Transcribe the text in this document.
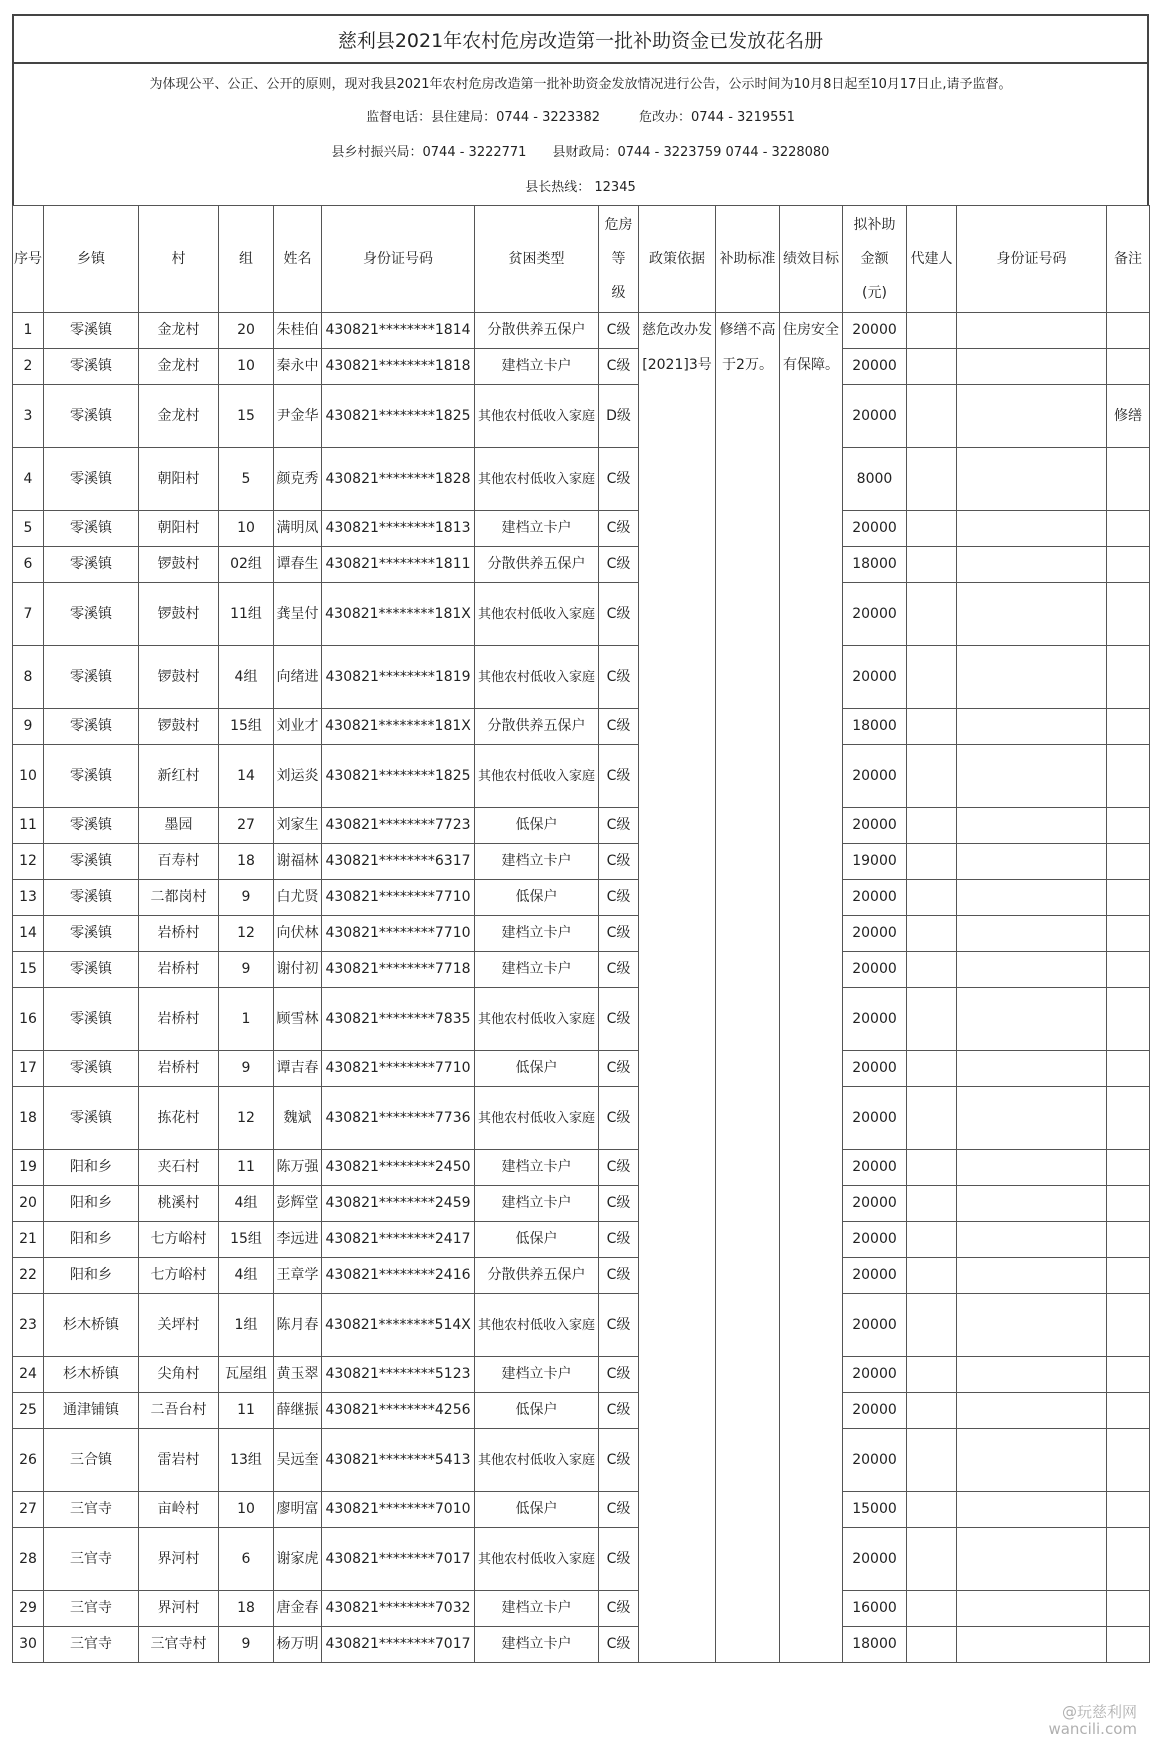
慈利县2021年农村危房改造第一批补助资金已发放花名册
为体现公平、公正、公开的原则，现对我县2021年农村危房改造第一批补助资金发放情况进行公告，公示时间为10月8日起至10月17日止,请予监督。
监督电话：县住建局：0744 - 3223382　　　危改办：0744 - 3219551
县乡村振兴局：0744 - 3222771　　县财政局：0744 - 3223759 0744 - 3228080
县长热线： 12345
序号	乡镇	村	组	姓名	身份证号码	贫困类型	危房
等
级	政策依据	补助标准	绩效目标	拟补助
金额
(元)	代建人	身份证号码	备注
1	零溪镇	金龙村	20	朱桂伯	430821********1814	分散供养五保户	C级	慈危改办发[2021]3号	修缮不高于2万。	住房安全有保障。	20000			
2	零溪镇	金龙村	10	秦永中	430821********1818	建档立卡户	C级				20000			
3	零溪镇	金龙村	15	尹金华	430821********1825	其他农村低收入家庭	D级				20000			修缮
4	零溪镇	朝阳村	5	颜克秀	430821********1828	其他农村低收入家庭	C级				8000			
5	零溪镇	朝阳村	10	满明凤	430821********1813	建档立卡户	C级				20000			
6	零溪镇	锣鼓村	02组	谭春生	430821********1811	分散供养五保户	C级				18000			
7	零溪镇	锣鼓村	11组	龚呈付	430821********181X	其他农村低收入家庭	C级				20000			
8	零溪镇	锣鼓村	4组	向绪进	430821********1819	其他农村低收入家庭	C级				20000			
9	零溪镇	锣鼓村	15组	刘业才	430821********181X	分散供养五保户	C级				18000			
10	零溪镇	新红村	14	刘运炎	430821********1825	其他农村低收入家庭	C级				20000			
11	零溪镇	墨园	27	刘家生	430821********7723	低保户	C级				20000			
12	零溪镇	百寿村	18	谢福林	430821********6317	建档立卡户	C级				19000			
13	零溪镇	二都岗村	9	白尤贤	430821********7710	低保户	C级				20000			
14	零溪镇	岩桥村	12	向伏林	430821********7710	建档立卡户	C级				20000			
15	零溪镇	岩桥村	9	谢付初	430821********7718	建档立卡户	C级				20000			
16	零溪镇	岩桥村	1	顾雪林	430821********7835	其他农村低收入家庭	C级				20000			
17	零溪镇	岩桥村	9	谭吉春	430821********7710	低保户	C级				20000			
18	零溪镇	拣花村	12	魏斌	430821********7736	其他农村低收入家庭	C级				20000			
19	阳和乡	夹石村	11	陈万强	430821********2450	建档立卡户	C级				20000			
20	阳和乡	桃溪村	4组	彭辉堂	430821********2459	建档立卡户	C级				20000			
21	阳和乡	七方峪村	15组	李远进	430821********2417	低保户	C级				20000			
22	阳和乡	七方峪村	4组	王章学	430821********2416	分散供养五保户	C级				20000			
23	杉木桥镇	关坪村	1组	陈月春	430821********514X	其他农村低收入家庭	C级				20000			
24	杉木桥镇	尖角村	瓦屋组	黄玉翠	430821********5123	建档立卡户	C级				20000			
25	通津铺镇	二吾台村	11	薛继振	430821********4256	低保户	C级				20000			
26	三合镇	雷岩村	13组	吴远奎	430821********5413	其他农村低收入家庭	C级				20000			
27	三官寺	亩岭村	10	廖明富	430821********7010	低保户	C级				15000			
28	三官寺	界河村	6	谢家虎	430821********7017	其他农村低收入家庭	C级				20000			
29	三官寺	界河村	18	唐金春	430821********7032	建档立卡户	C级				16000			
30	三官寺	三官寺村	9	杨万明	430821********7017	建档立卡户	C级				18000			
@玩慈利网
wancili.com
